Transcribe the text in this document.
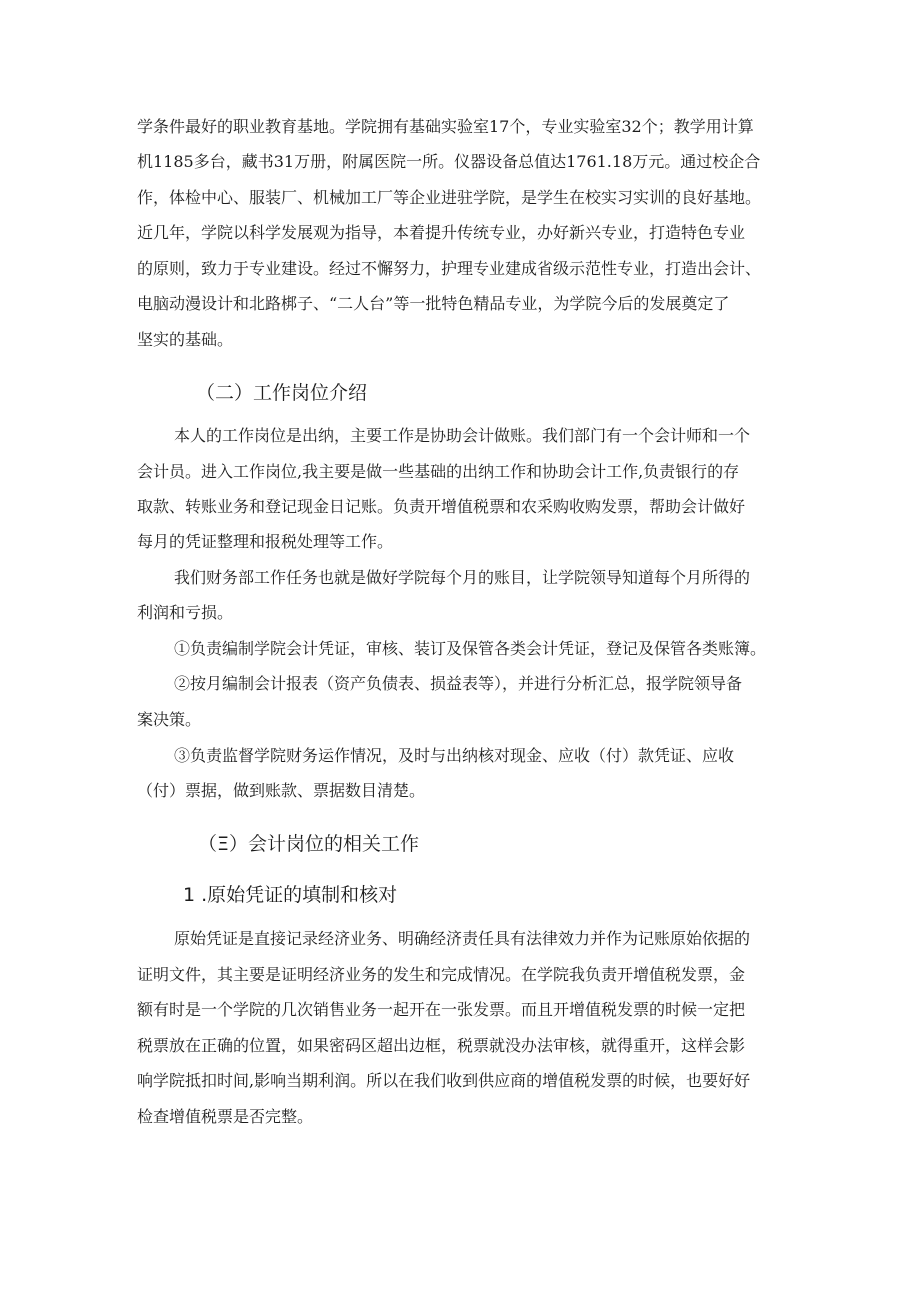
学条件最好的职业教育基地。学院拥有基础实验室17个，专业实验室32个；教学用计算

机1185多台，藏书31万册，附属医院一所。仪器设备总值达1761.18万元。通过校企合

作，体检中心、服装厂、机械加工厂等企业进驻学院，是学生在校实习实训的良好基地。

近几年，学院以科学发展观为指导，本着提升传统专业，办好新兴专业，打造特色专业

的原则，致力于专业建设。经过不懈努力，护理专业建成省级示范性专业，打造出会计、

电脑动漫设计和北路梆子、“二人台”等一批特色精品专业，为学院今后的发展奠定了

坚实的基础。

（二）工作岗位介绍

本人的工作岗位是出纳，主要工作是协助会计做账。我们部门有一个会计师和一个

会计员。进入工作岗位,我主要是做一些基础的出纳工作和协助会计工作,负责银行的存

取款、转账业务和登记现金日记账。负责开增值税票和农采购收购发票，帮助会计做好

每月的凭证整理和报税处理等工作。

我们财务部工作任务也就是做好学院每个月的账目，让学院领导知道每个月所得的

利润和亏损。

①负责编制学院会计凭证，审核、装订及保管各类会计凭证，登记及保管各类账簿。

②按月编制会计报表（资产负债表、损益表等），并进行分析汇总，报学院领导备

案决策。

③负责监督学院财务运作情况，及时与出纳核对现金、应收（付）款凭证、应收

（付）票据，做到账款、票据数目清楚。

（Ξ）会计岗位的相关工作
1 .原始凭证的填制和核对

原始凭证是直接记录经济业务、明确经济责任具有法律效力并作为记账原始依据的

证明文件，其主要是证明经济业务的发生和完成情况。在学院我负责开增值税发票，金

额有时是一个学院的几次销售业务一起开在一张发票。而且开增值税发票的时候一定把

税票放在正确的位置，如果密码区超出边框，税票就没办法审核，就得重开，这样会影

响学院抵扣时间,影响当期利润。所以在我们收到供应商的增值税发票的时候，也要好好

检查增值税票是否完整。
